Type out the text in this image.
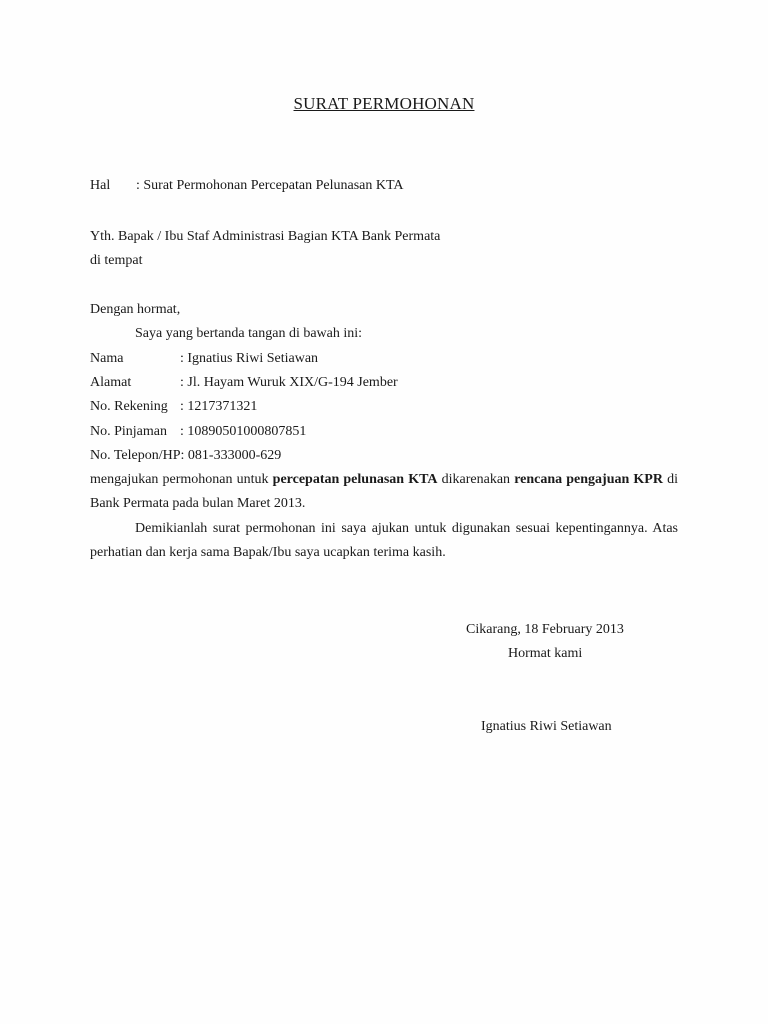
SURAT PERMOHONAN
Hal : Surat Permohonan Percepatan Pelunasan KTA
Yth. Bapak / Ibu Staf Administrasi Bagian KTA Bank Permata
di tempat
Dengan hormat,
Saya yang bertanda tangan di bawah ini:
Nama	: Ignatius Riwi Setiawan
Alamat	: Jl. Hayam Wuruk XIX/G-194 Jember
No. Rekening : 1217371321
No. Pinjaman : 10890501000807851
No. Telepon/HP: 081-333000-629
mengajukan permohonan untuk percepatan pelunasan KTA dikarenakan rencana pengajuan KPR di Bank Permata pada bulan Maret 2013.
Demikianlah surat permohonan ini saya ajukan untuk digunakan sesuai kepentingannya. Atas perhatian dan kerja sama Bapak/Ibu saya ucapkan terima kasih.
Cikarang, 18 February 2013
Hormat kami
Ignatius Riwi Setiawan
